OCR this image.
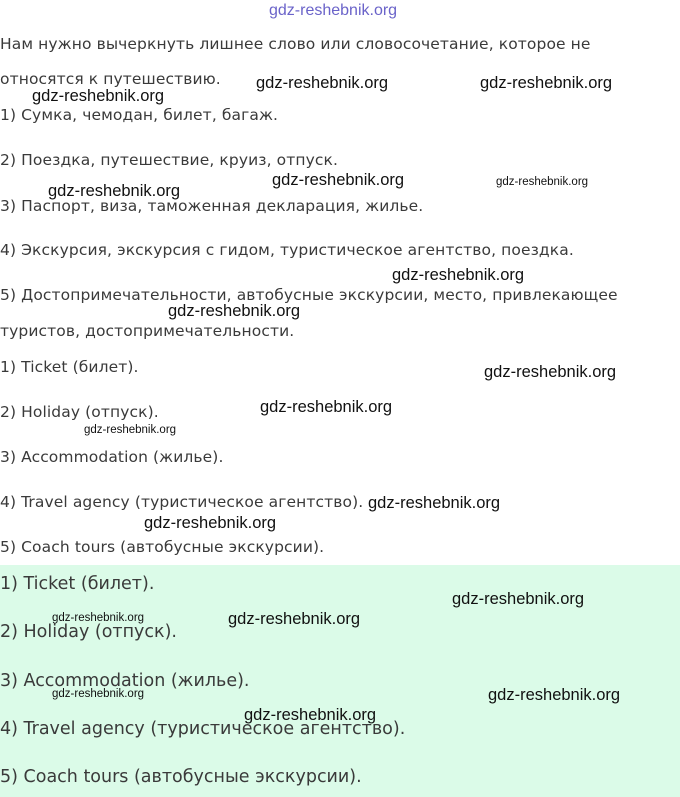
gdz-reshebnik.org
Нам нужно вычеркнуть лишнее слово или словосочетание, которое не
относятся к путешествию.
1) Сумка, чемодан, билет, багаж.
2) Поездка, путешествие, круиз, отпуск.
3) Паспорт, виза, таможенная декларация, жилье.
4) Экскурсия, экскурсия с гидом, туристическое агентство, поездка.
5) Достопримечательности, автобусные экскурсии, место, привлекающее
туристов, достопримечательности.
1) Ticket (билет).
2) Holiday (отпуск).
3) Accommodation (жилье).
4) Travel agency (туристическое агентство).
5) Coach tours (автобусные экскурсии).
1) Ticket (билет).
2) Holiday (отпуск).
3) Accommodation (жилье).
4) Travel agency (туристическое агентство).
5) Coach tours (автобусные экскурсии).
gdz-reshebnik.org	gdz-reshebnik.org
gdz-reshebnik.org
gdz-reshebnik.org
gdz-reshebnik.org	gdz-reshebnik.org
gdz-reshebnik.org
gdz-reshebnik.org
gdz-reshebnik.org
gdz-reshebnik.org
gdz-reshebnik.org
gdz-reshebnik.org
gdz-reshebnik.org
gdz-reshebnik.org
gdz-reshebnik.org	gdz-reshebnik.org
gdz-reshebnik.org	gdz-reshebnik.org
gdz-reshebnik.org
